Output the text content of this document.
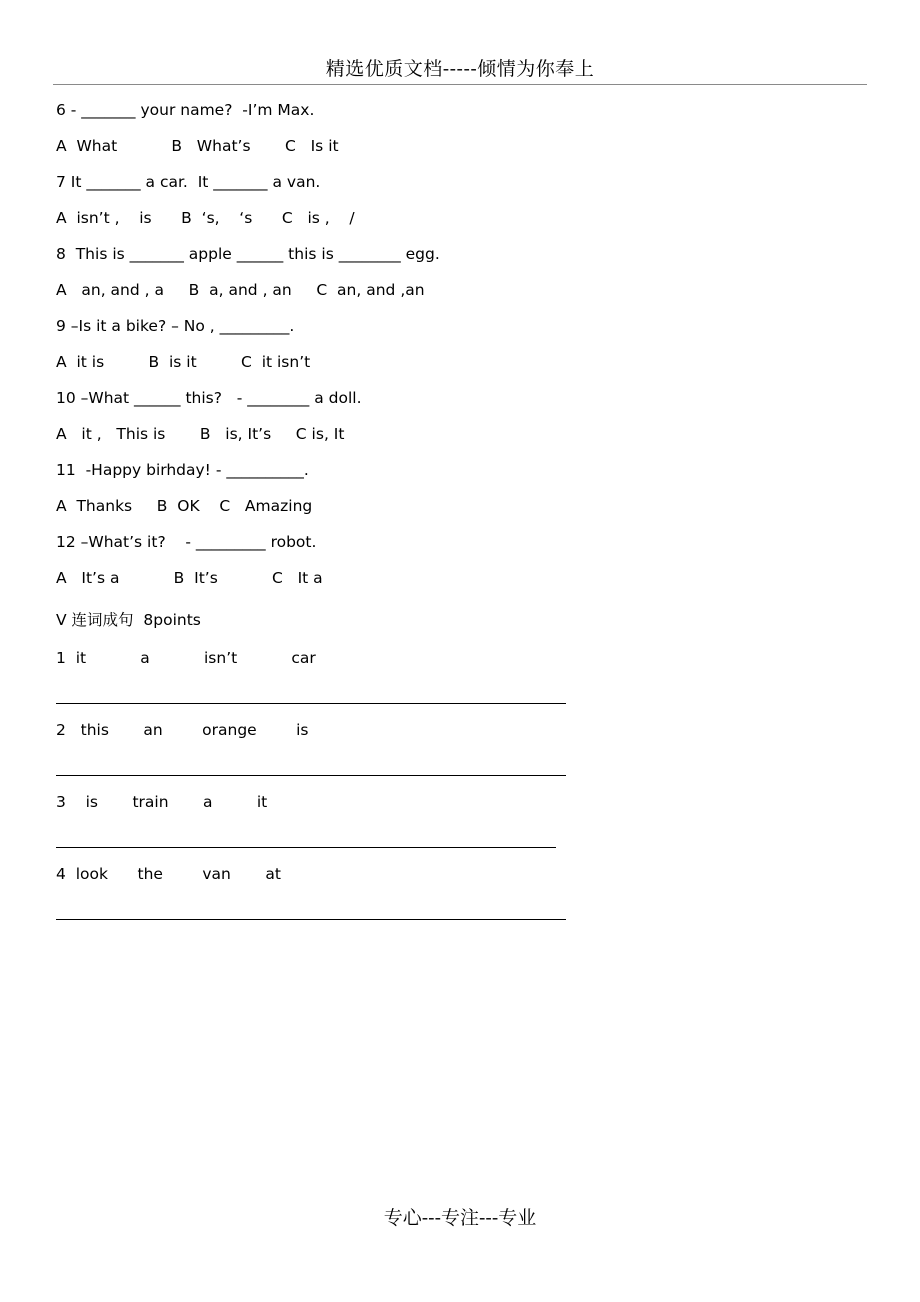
精选优质文档-----倾情为你奉上
6 - _______ your name?  -I’m Max.
A  What           B   What’s       C   Is it
7 It _______ a car.  It _______ a van.
A  isn’t ,    is      B  ‘s,    ‘s      C   is ,    /
8  This is _______ apple ______ this is ________ egg.
A   an, and , a     B  a, and , an     C  an, and ,an
9 –Is it a bike? – No , _________.
A  it is         B  is it         C  it isn’t
10 –What ______ this?   - ________ a doll.
A   it ,   This is       B   is, It’s     C is, It
11  -Happy birhday! - __________.
A  Thanks     B  OK    C   Amazing
12 –What’s it?    - _________ robot.
A   It’s a           B  It’s           C   It a
V 连词成句  8points
1  it           a           isn’t           car
2   this       an        orange        is
3    is       train       a         it
4  look      the        van       at
专心---专注---专业
